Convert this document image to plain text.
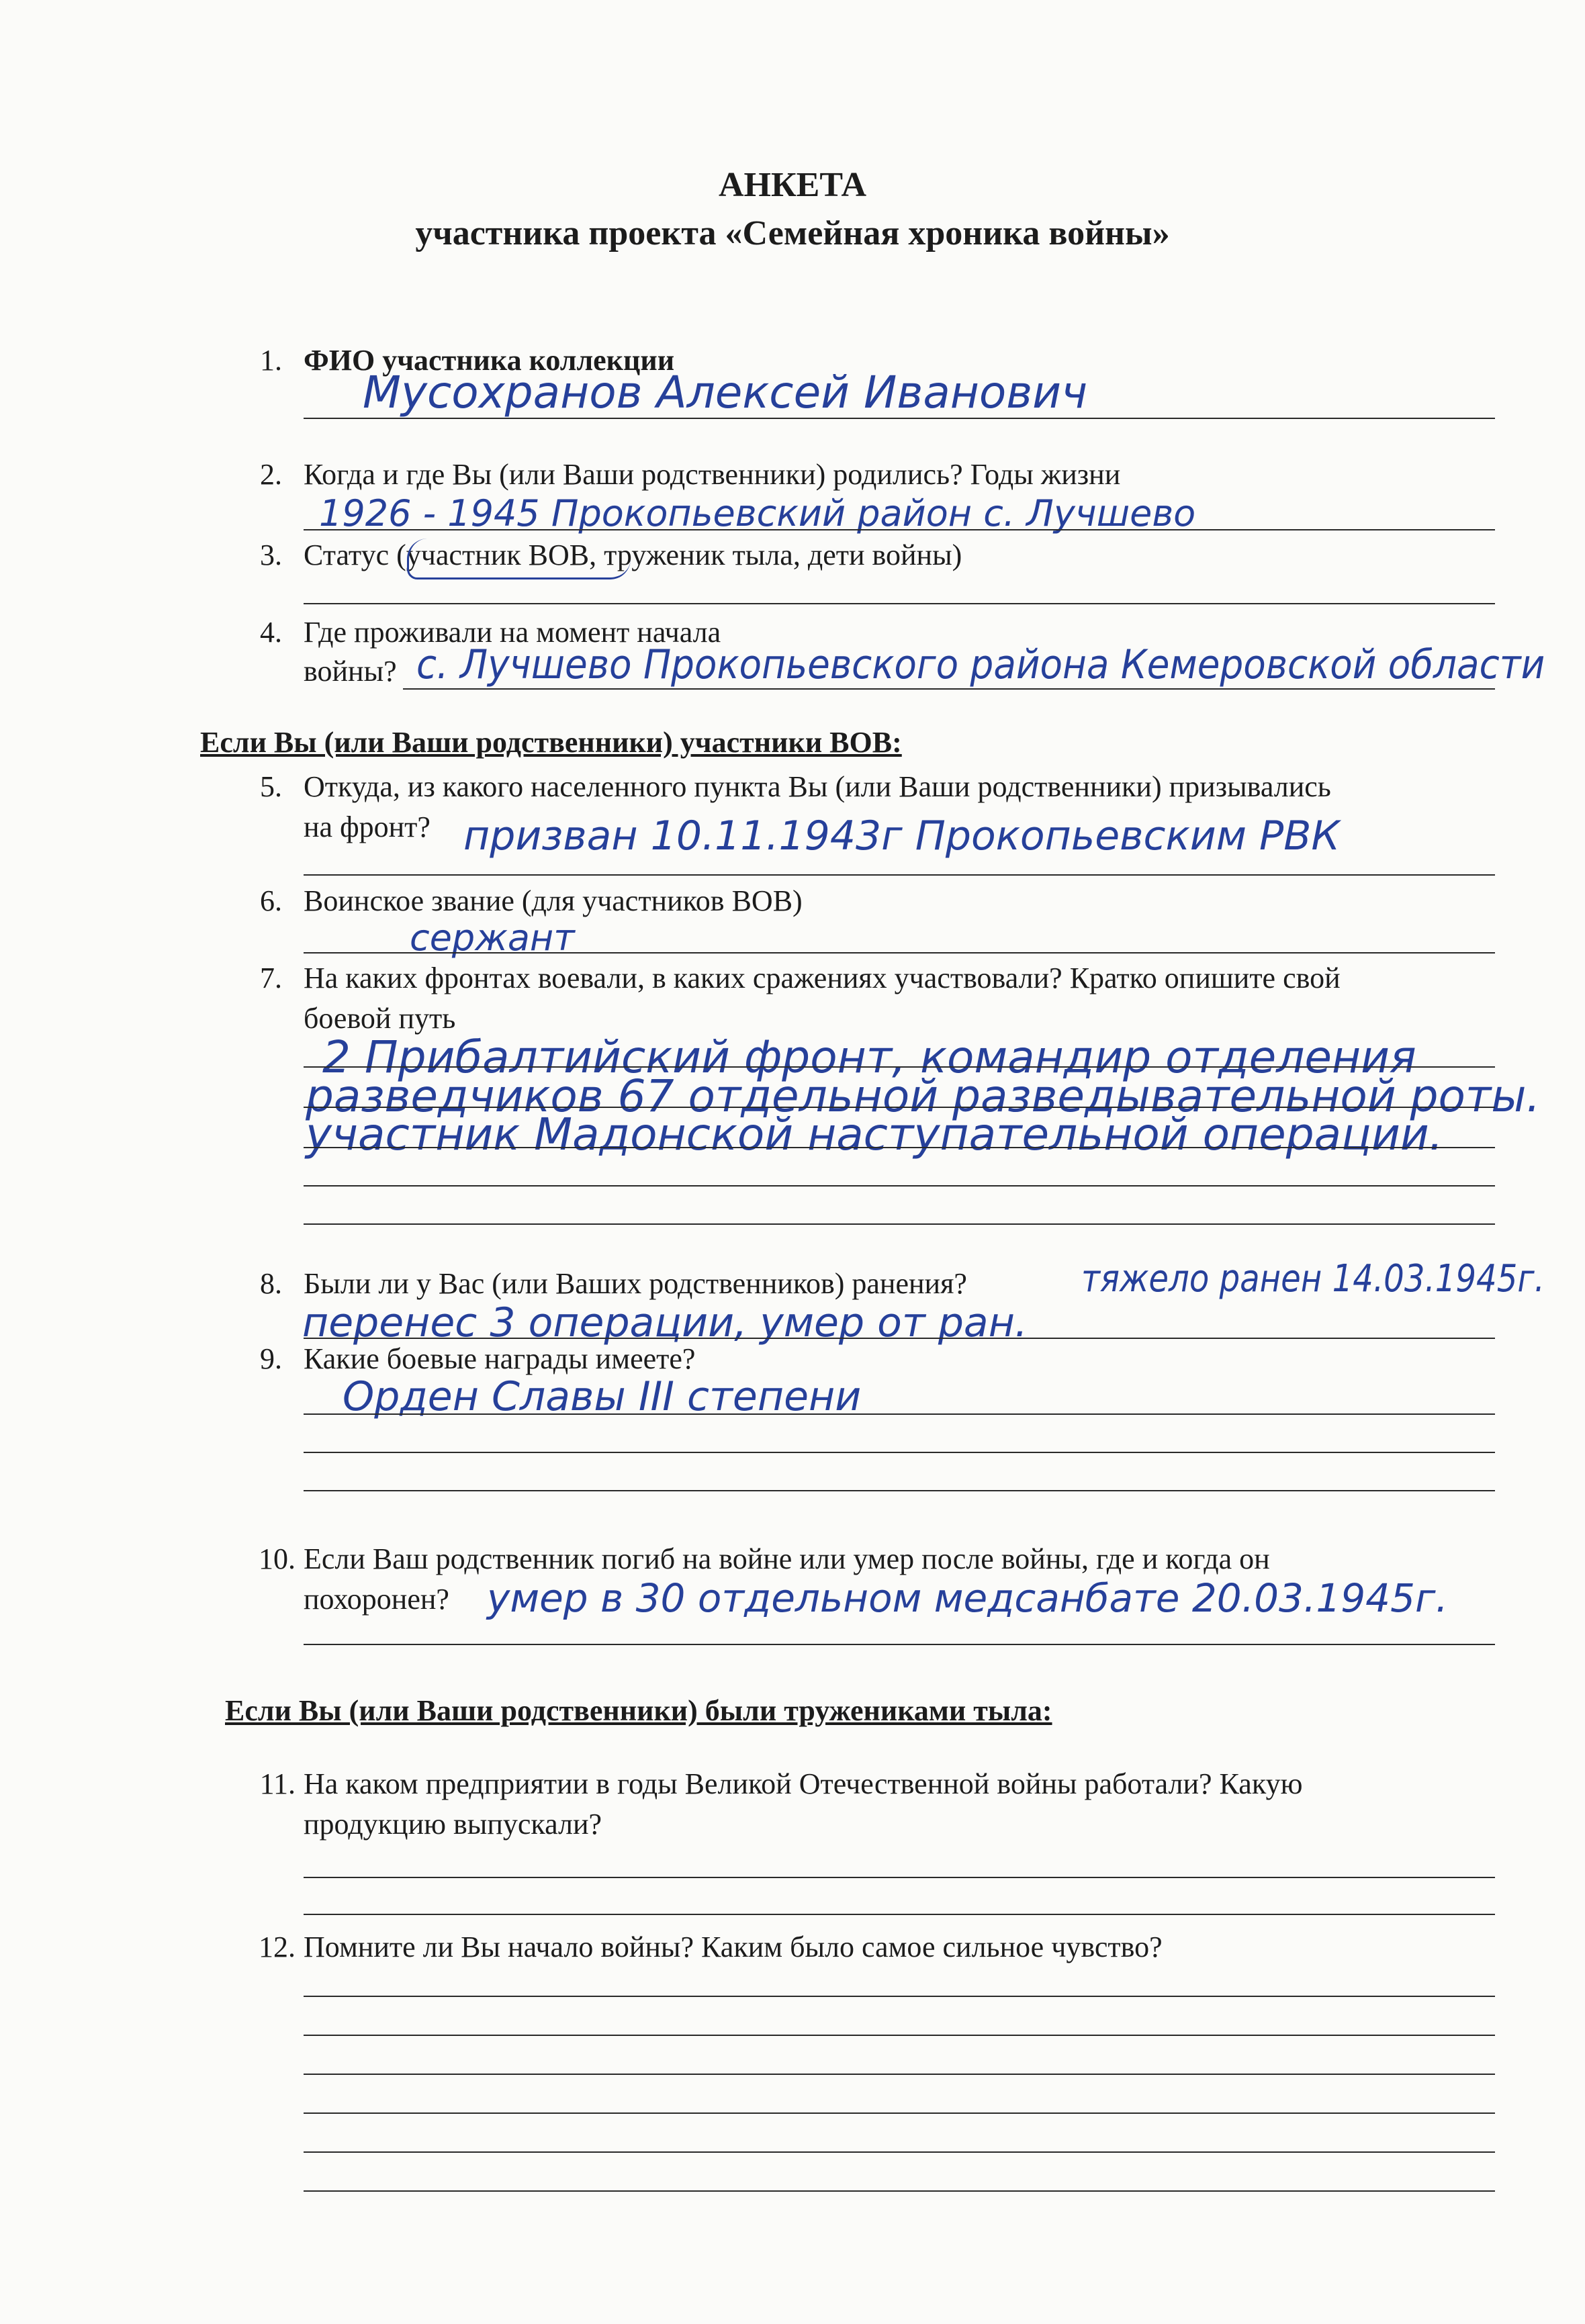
АНКЕТА
участника проекта «Семейная хроника войны»
1. ФИО участника коллекции
Мусохранов Алексей Иванович
2. Когда и где Вы (или Ваши родственники) родились? Годы жизни
1926 - 1945 Прокопьевский район с. Лучшево
3. Статус (участник ВОВ, труженик тыла, дети войны)
4. Где проживали на момент начала
войны? с. Лучшево Прокопьевского района Кемеровской области
Если Вы (или Ваши родственники) участники ВОВ:
5. Откуда, из какого населенного пункта Вы (или Ваши родственники) призывались
на фронт? призван 10.11.1943г Прокопьевским РВК
6. Воинское звание (для участников ВОВ)
сержант
7. На каких фронтах воевали, в каких сражениях участвовали? Кратко опишите свой
боевой путь
2 Прибалтийский фронт, командир отделения
разведчиков 67 отдельной разведывательной роты.
участник Мадонской наступательной операции.
8. Были ли у Вас (или Ваших родственников) ранения?	тяжело ранен 14.03.1945г.
перенес 3 операции, умер от ран.
9. Какие боевые награды имеете?
Орден Славы III степени
10. Если Ваш родственник погиб на войне или умер после войны, где и когда он
похоронен? умер в 30 отдельном медсанбате 20.03.1945г.
Если Вы (или Ваши родственники) были тружениками тыла:
11. На каком предприятии в годы Великой Отечественной войны работали? Какую
продукцию выпускали?
12. Помните ли Вы начало войны? Каким было самое сильное чувство?
